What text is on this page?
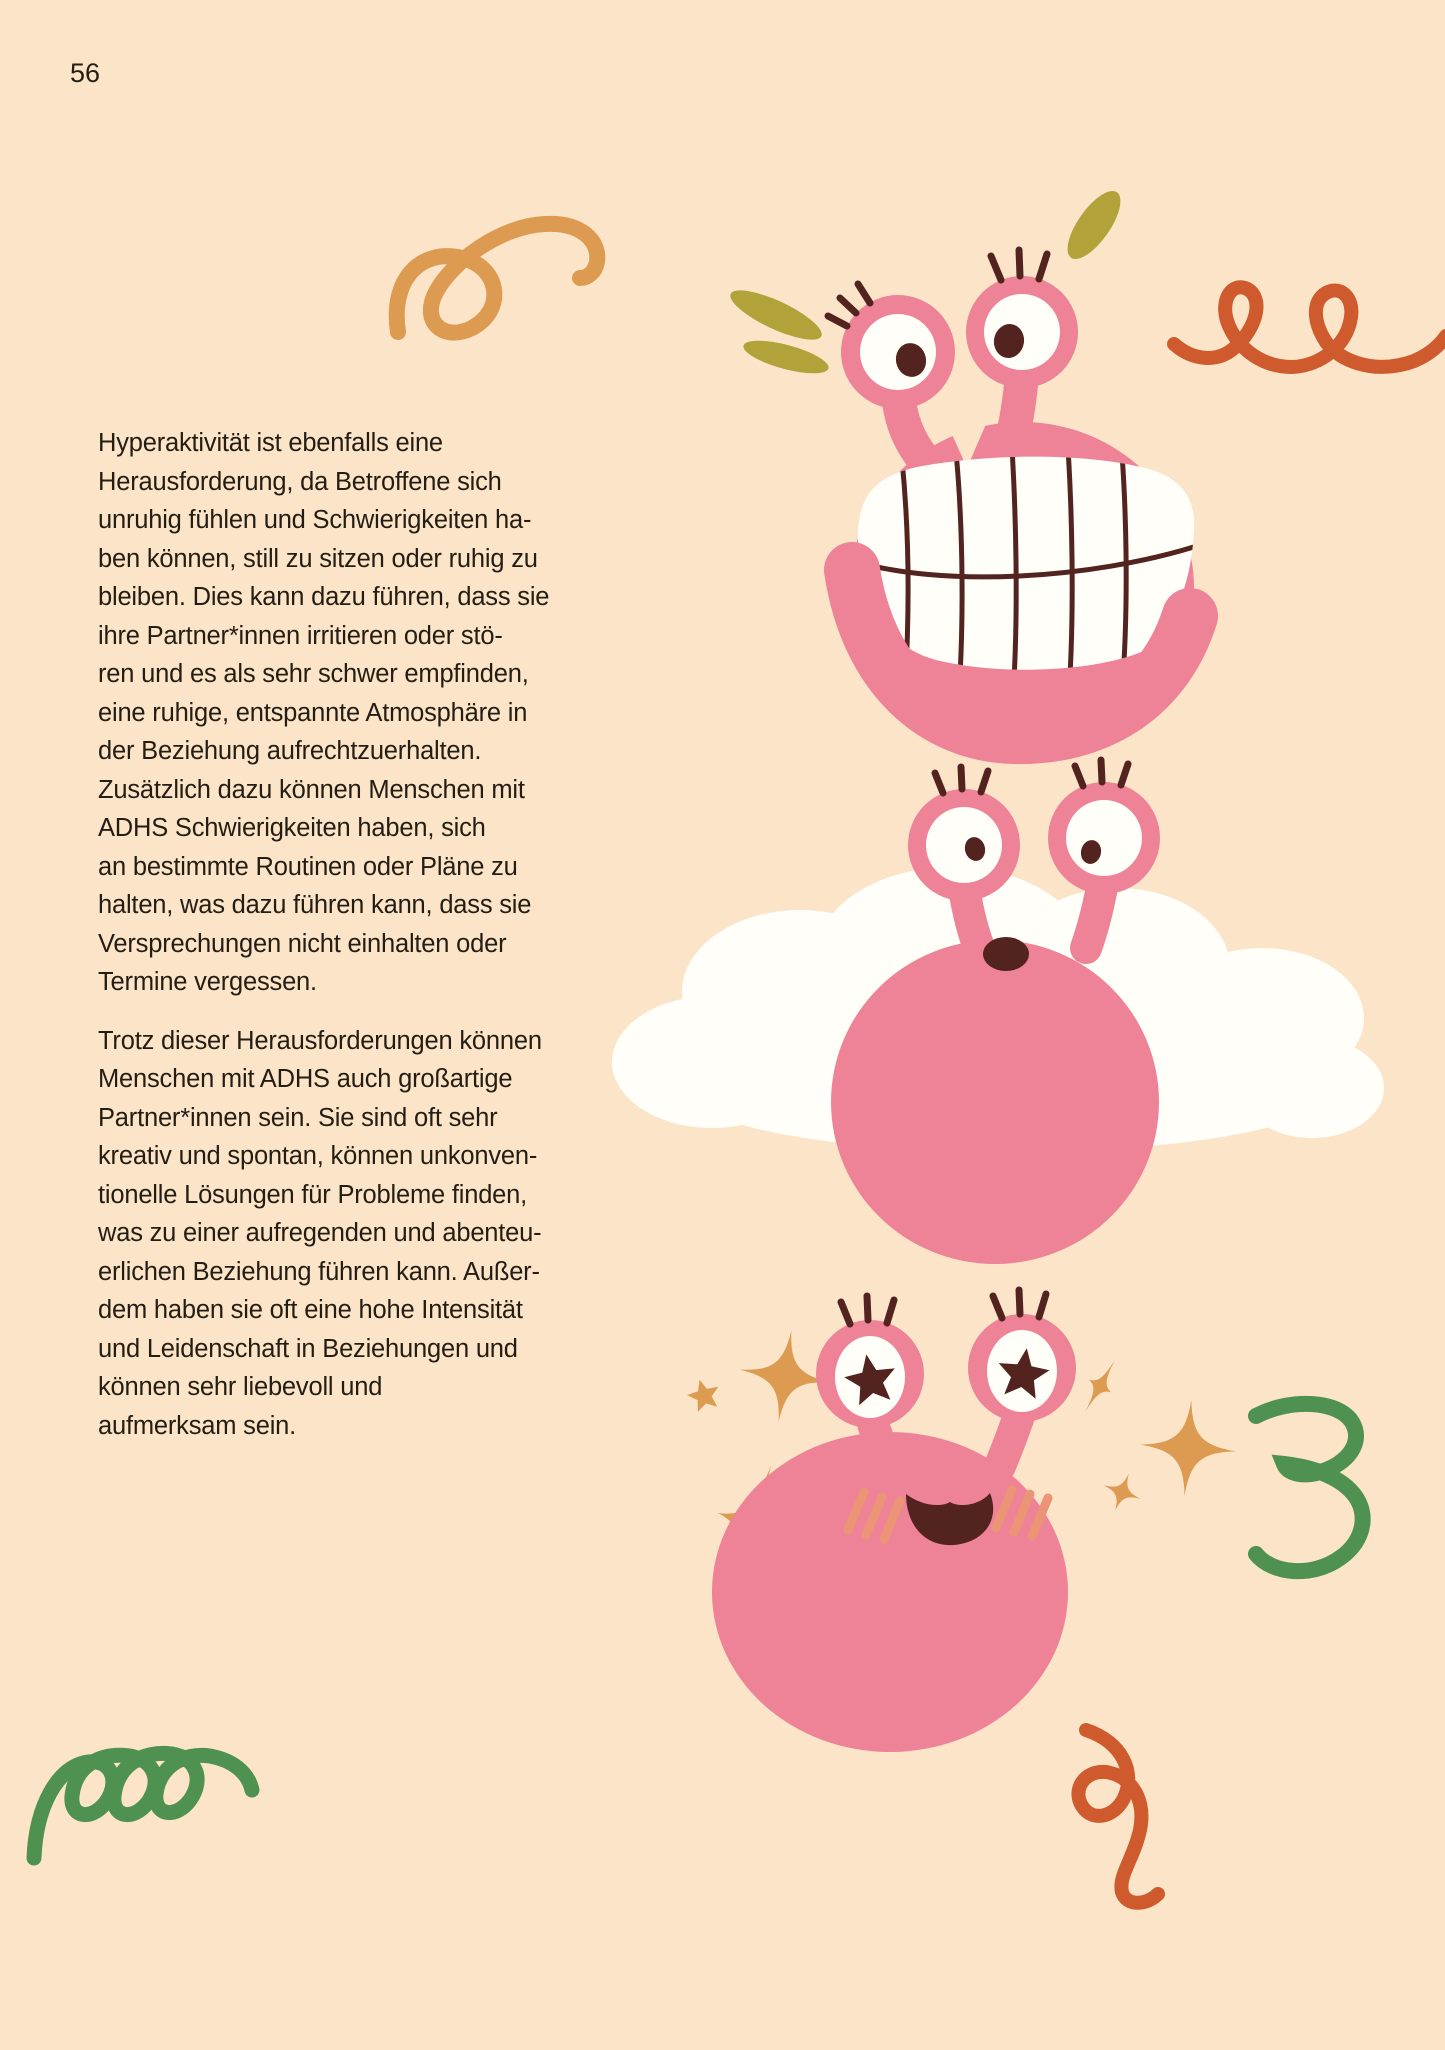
56
Hyperaktivität ist ebenfalls eine
Herausforderung, da Betroffene sich
unruhig fühlen und Schwierigkeiten ha-
ben können, still zu sitzen oder ruhig zu
bleiben. Dies kann dazu führen, dass sie
ihre Partner*innen irritieren oder stö-
ren und es als sehr schwer empfinden,
eine ruhige, entspannte Atmosphäre in
der Beziehung aufrechtzuerhalten.
Zusätzlich dazu können Menschen mit
ADHS Schwierigkeiten haben, sich
an bestimmte Routinen oder Pläne zu
halten, was dazu führen kann, dass sie
Versprechungen nicht einhalten oder
Termine vergessen.
Trotz dieser Herausforderungen können
Menschen mit ADHS auch großartige
Partner*innen sein. Sie sind oft sehr
kreativ und spontan, können unkonven-
tionelle Lösungen für Probleme finden,
was zu einer aufregenden und abenteu-
erlichen Beziehung führen kann. Außer-
dem haben sie oft eine hohe Intensität
und Leidenschaft in Beziehungen und
können sehr liebevoll und
aufmerksam sein.
